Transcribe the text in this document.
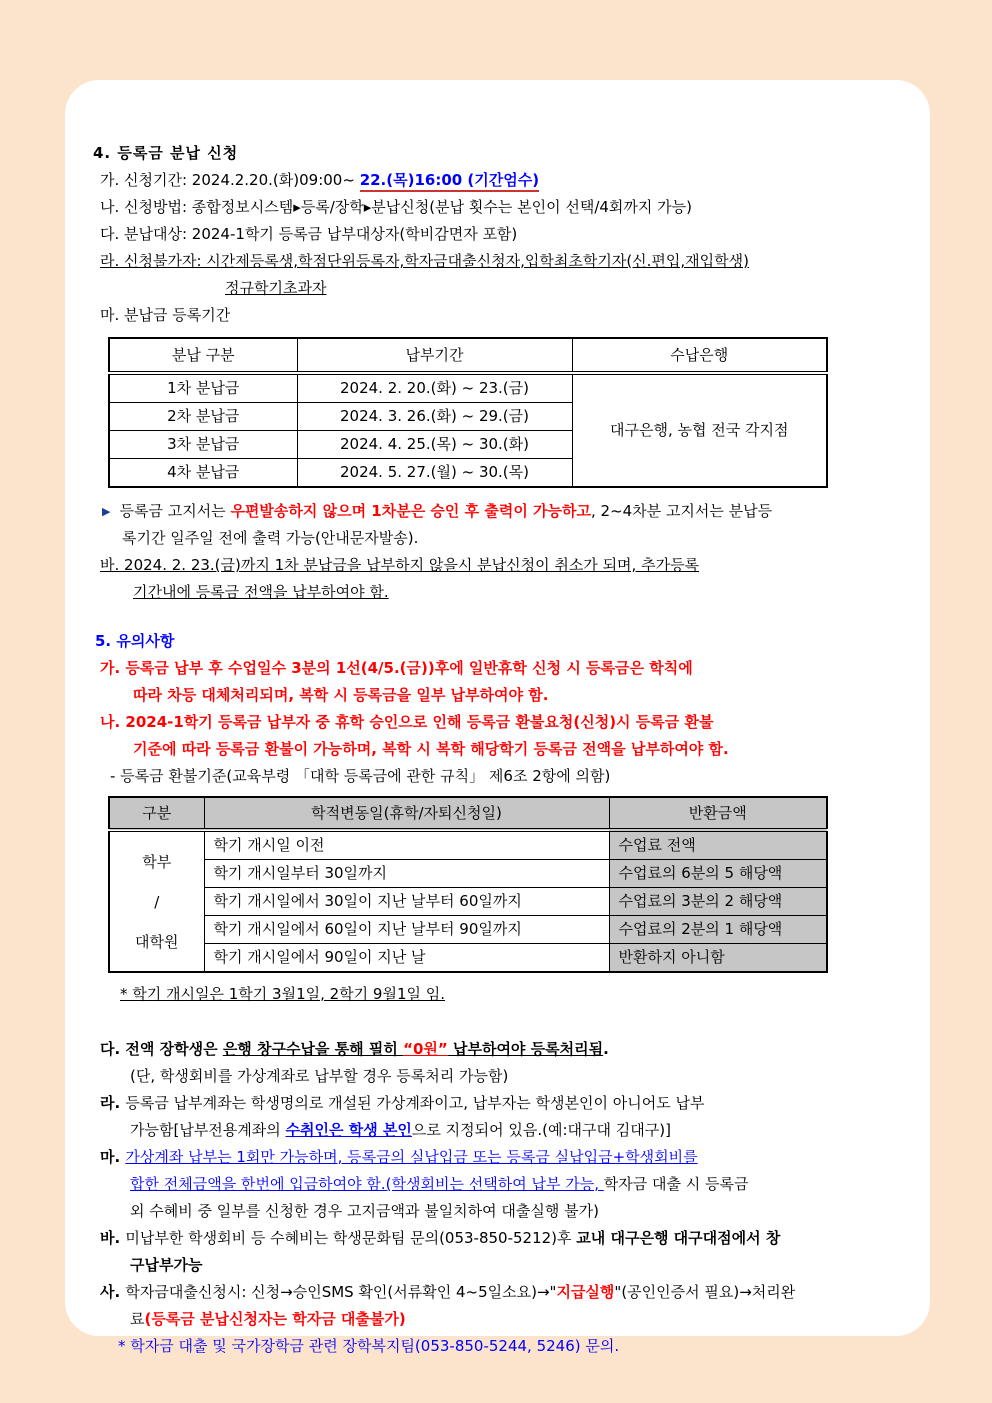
4. 등록금 분납 신청
가. 신청기간: 2024.2.20.(화)09:00~ 22.(목)16:00 (기간엄수)
나. 신청방법: 종합정보시스템▸등록/장학▸분납신청(분납 횟수는 본인이 선택/4회까지 가능)
다. 분납대상: 2024-1학기 등록금 납부대상자(학비감면자 포함)
라. 신청불가자: 시간제등록생,학점단위등록자,학자금대출신청자,입학최초학기자(신.편입,재입학생)
정규학기초과자
마. 분납금 등록기간
분납 구분	납부기간	수납은행
1차 분납금	2024. 2. 20.(화) ~ 23.(금)	대구은행, 농협 전국 각지점
2차 분납금	2024. 3. 26.(화) ~ 29.(금)	
3차 분납금	2024. 4. 25.(목) ~ 30.(화)	
4차 분납금	2024. 5. 27.(월) ~ 30.(목)	
▶ 등록금 고지서는 우편발송하지 않으며 1차분은 승인 후 출력이 가능하고, 2~4차분 고지서는 분납등
록기간 일주일 전에 출력 가능(안내문자발송).
바. 2024. 2. 23.(금)까지 1차 분납금을 납부하지 않을시 분납신청이 취소가 되며, 추가등록
기간내에 등록금 전액을 납부하여야 함.
5. 유의사항
가. 등록금 납부 후 수업일수 3분의 1선(4/5.(금))후에 일반휴학 신청 시 등록금은 학칙에
따라 차등 대체처리되며, 복학 시 등록금을 일부 납부하여야 함.
나. 2024-1학기 등록금 납부자 중 휴학 승인으로 인해 등록금 환불요청(신청)시 등록금 환불
기준에 따라 등록금 환불이 가능하며, 복학 시 복학 해당학기 등록금 전액을 납부하여야 함.
- 등록금 환불기준(교육부령 「대학 등록금에 관한 규칙」 제6조 2항에 의함)
구분	학적변동일(휴학/자퇴신청일)	반환금액

학부
/
대학원	학기 개시일 이전	수업료 전액
	학기 개시일부터 30일까지	수업료의 6분의 5 해당액
	학기 개시일에서 30일이 지난 날부터 60일까지	수업료의 3분의 2 해당액
	학기 개시일에서 60일이 지난 날부터 90일까지	수업료의 2분의 1 해당액
	학기 개시일에서 90일이 지난 날	반환하지 아니함
* 학기 개시일은 1학기 3월1일, 2학기 9월1일 임.
다. 전액 장학생은 은행 창구수납을 통해 필히 “0원” 납부하여야 등록처리됨.
(단, 학생회비를 가상계좌로 납부할 경우 등록처리 가능함)
라. 등록금 납부계좌는 학생명의로 개설된 가상계좌이고, 납부자는 학생본인이 아니어도 납부
가능함[납부전용계좌의 수취인은 학생 본인으로 지정되어 있음.(예:대구대 김대구)]
마. 가상계좌 납부는 1회만 가능하며, 등록금의 실납입금 또는 등록금 실납입금+학생회비를
합한 전체금액을 한번에 입금하여야 함.(학생회비는 선택하여 납부 가능, 학자금 대출 시 등록금
외 수혜비 중 일부를 신청한 경우 고지금액과 불일치하여 대출실행 불가)
바. 미납부한 학생회비 등 수혜비는 학생문화팀 문의(053-850-5212)후 교내 대구은행 대구대점에서 창
구납부가능
사. 학자금대출신청시: 신청→승인SMS 확인(서류확인 4~5일소요)→"지급실행"(공인인증서 필요)→처리완
료(등록금 분납신청자는 학자금 대출불가)
* 학자금 대출 및 국가장학금 관련 장학복지팀(053-850-5244, 5246) 문의.
